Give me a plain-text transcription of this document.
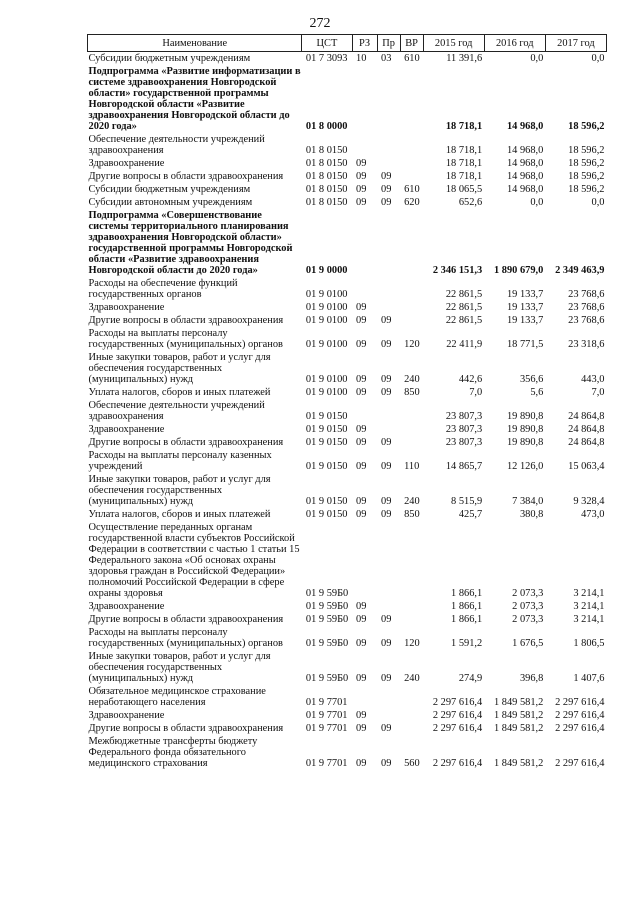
272
Наименование	ЦСТ	РЗ	Пр	ВР	2015 год	2016 год	2017 год
Субсидии бюджетным учреждениям	01 7 3093	10	03	610	11 391,6	0,0	0,0
Подпрограмма «Развитие информатизации в системе здравоохранения Новгородской области» государственной программы Новгородской области «Развитие здравоохранения Новгородской области до 2020 года»	01 8 0000				18 718,1	14 968,0	18 596,2
Обеспечение деятельности учреждений здравоохранения	01 8 0150				18 718,1	14 968,0	18 596,2
Здравоохранение	01 8 0150	09			18 718,1	14 968,0	18 596,2
Другие вопросы в области здравоохранения	01 8 0150	09	09		18 718,1	14 968,0	18 596,2
Субсидии бюджетным учреждениям	01 8 0150	09	09	610	18 065,5	14 968,0	18 596,2
Субсидии автономным учреждениям	01 8 0150	09	09	620	652,6	0,0	0,0
Подпрограмма «Совершенствование системы территориального планирования здравоохранения Новгородской области» государственной программы Новгородской области «Развитие здравоохранения Новгородской области до 2020 года»	01 9 0000				2 346 151,3	1 890 679,0	2 349 463,9
Расходы на обеспечение функций государственных органов	01 9 0100				22 861,5	19 133,7	23 768,6
Здравоохранение	01 9 0100	09			22 861,5	19 133,7	23 768,6
Другие вопросы в области здравоохранения	01 9 0100	09	09		22 861,5	19 133,7	23 768,6
Расходы на выплаты персоналу государственных (муниципальных) органов	01 9 0100	09	09	120	22 411,9	18 771,5	23 318,6
Иные закупки товаров, работ и услуг для обеспечения государственных (муниципальных) нужд	01 9 0100	09	09	240	442,6	356,6	443,0
Уплата налогов, сборов и иных платежей	01 9 0100	09	09	850	7,0	5,6	7,0
Обеспечение деятельности учреждений здравоохранения	01 9 0150				23 807,3	19 890,8	24 864,8
Здравоохранение	01 9 0150	09			23 807,3	19 890,8	24 864,8
Другие вопросы в области здравоохранения	01 9 0150	09	09		23 807,3	19 890,8	24 864,8
Расходы на выплаты персоналу казенных учреждений	01 9 0150	09	09	110	14 865,7	12 126,0	15 063,4
Иные закупки товаров, работ и услуг для обеспечения государственных (муниципальных) нужд	01 9 0150	09	09	240	8 515,9	7 384,0	9 328,4
Уплата налогов, сборов и иных платежей	01 9 0150	09	09	850	425,7	380,8	473,0
Осуществление переданных органам государственной власти субъектов Российской Федерации в соответствии с частью 1 статьи 15 Федерального закона «Об основах охраны здоровья граждан в Российской Федерации» полномочий Российской Федерации в сфере охраны здоровья	01 9 59Б0				1 866,1	2 073,3	3 214,1
Здравоохранение	01 9 59Б0	09			1 866,1	2 073,3	3 214,1
Другие вопросы в области здравоохранения	01 9 59Б0	09	09		1 866,1	2 073,3	3 214,1
Расходы на выплаты персоналу государственных (муниципальных) органов	01 9 59Б0	09	09	120	1 591,2	1 676,5	1 806,5
Иные закупки товаров, работ и услуг для обеспечения государственных (муниципальных) нужд	01 9 59Б0	09	09	240	274,9	396,8	1 407,6
Обязательное медицинское страхование неработающего населения	01 9 7701				2 297 616,4	1 849 581,2	2 297 616,4
Здравоохранение	01 9 7701	09			2 297 616,4	1 849 581,2	2 297 616,4
Другие вопросы в области здравоохранения	01 9 7701	09	09		2 297 616,4	1 849 581,2	2 297 616,4
Межбюджетные трансферты бюджету Федерального фонда обязательного медицинского страхования	01 9 7701	09	09	560	2 297 616,4	1 849 581,2	2 297 616,4
